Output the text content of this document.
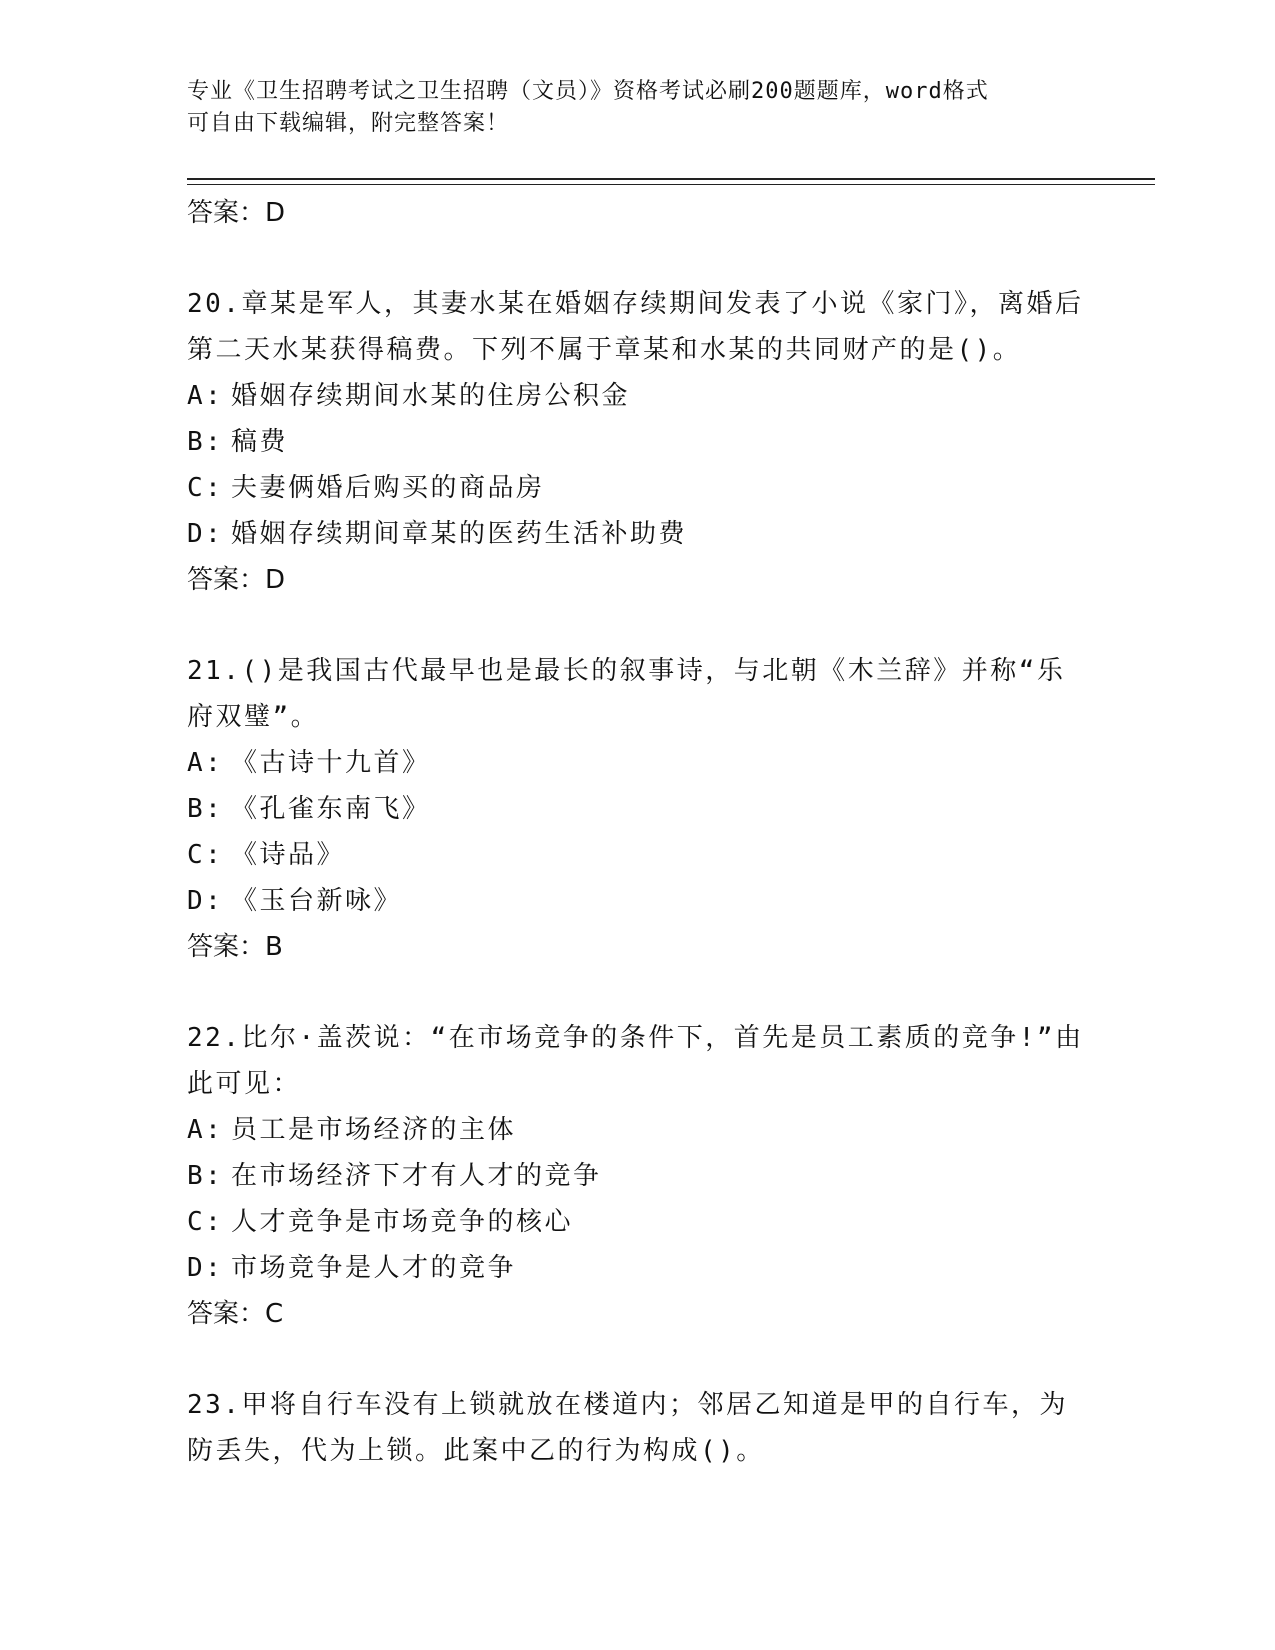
专业《卫生招聘考试之卫生招聘（文员）》资格考试必刷200题题库，word格式
可自由下载编辑，附完整答案！
答案：D

20.章某是军人，其妻水某在婚姻存续期间发表了小说《家门》，离婚后第二天水某获得稿费。下列不属于章某和水某的共同财产的是()。

A: 婚姻存续期间水某的住房公积金
B: 稿费
C: 夫妻俩婚后购买的商品房
D: 婚姻存续期间章某的医药生活补助费
答案：D

21.()是我国古代最早也是最长的叙事诗，与北朝《木兰辞》并称“乐府双璧”。

A: 《古诗十九首》
B: 《孔雀东南飞》
C: 《诗品》
D: 《玉台新咏》
答案：B

22.比尔·盖茨说：“在市场竞争的条件下，首先是员工素质的竞争!”由此可见：

A: 员工是市场经济的主体
B: 在市场经济下才有人才的竞争
C: 人才竞争是市场竞争的核心
D: 市场竞争是人才的竞争
答案：C

23.甲将自行车没有上锁就放在楼道内；邻居乙知道是甲的自行车，为防丢失，代为上锁。此案中乙的行为构成()。
